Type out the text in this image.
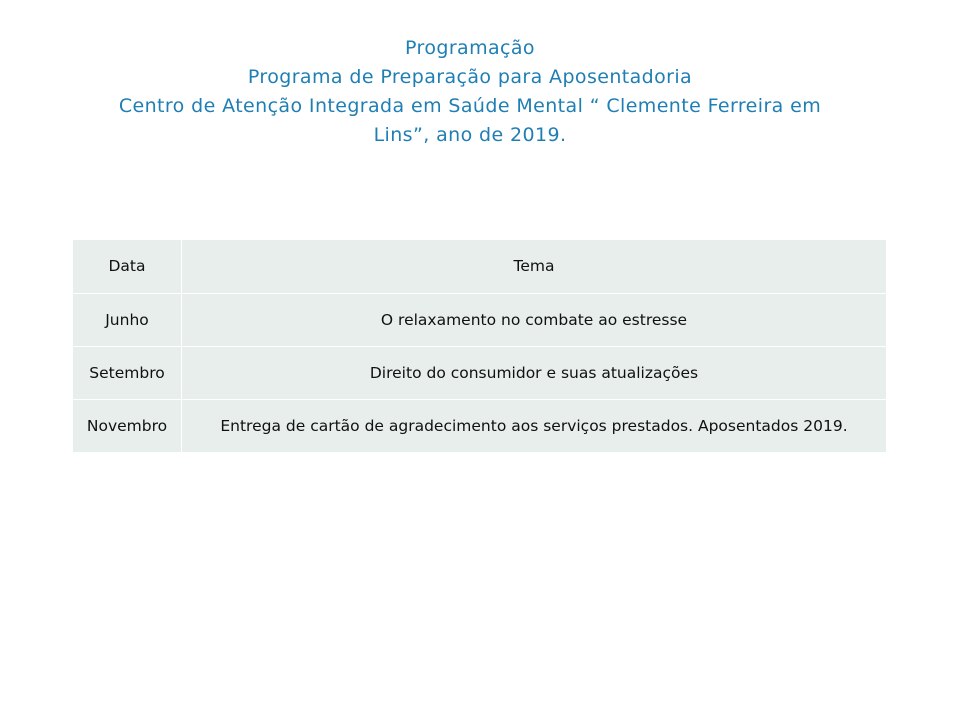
Programação
Programa de Preparação para Aposentadoria
Centro de Atenção Integrada em Saúde Mental “ Clemente Ferreira em
Lins”, ano de 2019.
Data	Tema
Junho	O relaxamento no combate ao estresse
Setembro	Direito do consumidor e suas atualizações
Novembro	Entrega de cartão de agradecimento aos serviços prestados. Aposentados 2019.
